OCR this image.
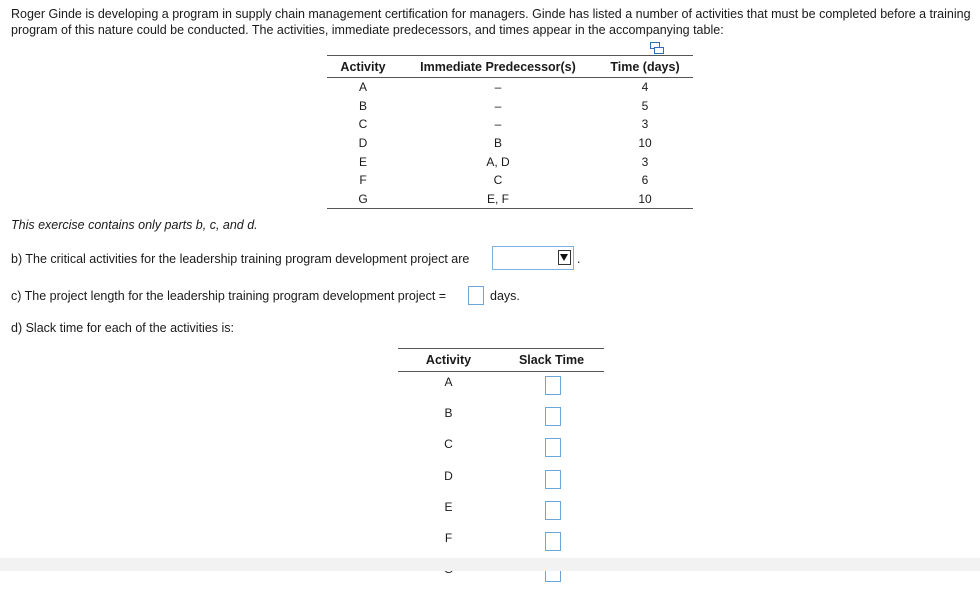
Roger Ginde is developing a program in supply chain management certification for managers. Ginde has listed a number of activities that must be completed before a training program of this nature could be conducted. The activities, immediate predecessors, and times appear in the accompanying table:
Activity	Immediate Predecessor(s)	Time (days)
A	–	4
B	–	5
C	–	3
D	B	10
E	A, D	3
F	C	6
G	E, F	10
This exercise contains only parts b, c, and d.
b) The critical activities for the leadership training program development project are	.
c) The project length for the leadership training program development project =	days.
d) Slack time for each of the activities is:
Activity	Slack Time
A	
B	
C	
D	
E	
F	
